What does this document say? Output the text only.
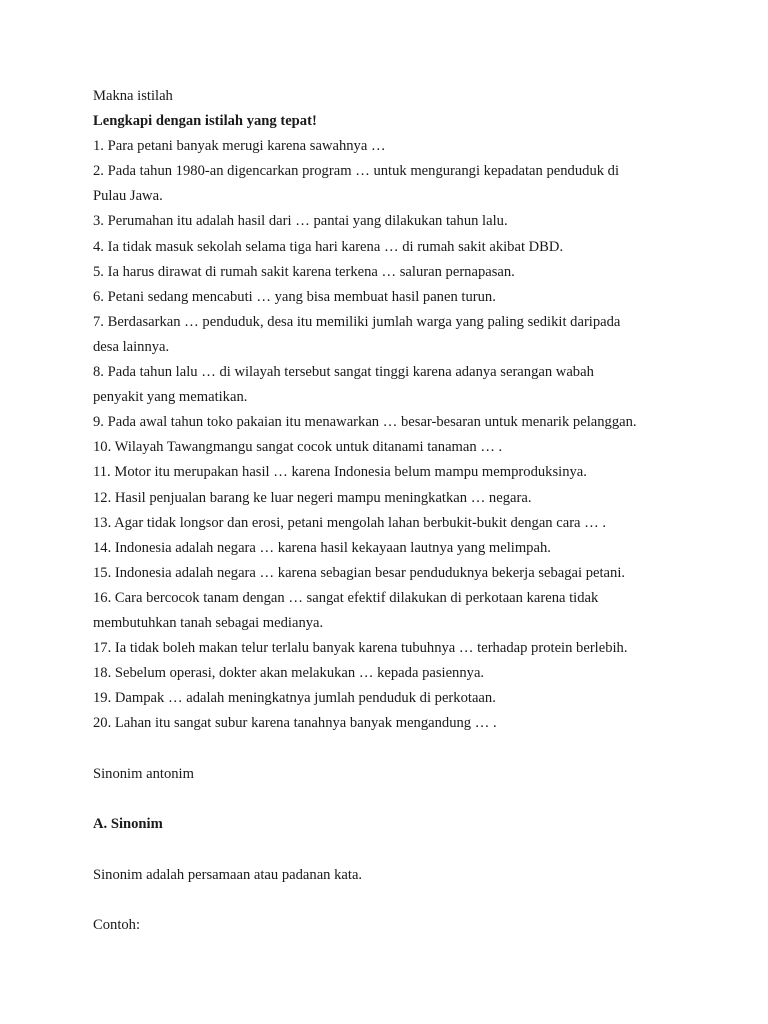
Makna istilah
Lengkapi dengan istilah yang tepat!
1. Para petani banyak merugi karena sawahnya …
2. Pada tahun 1980-an digencarkan program … untuk mengurangi kepadatan penduduk di
Pulau Jawa.
3. Perumahan itu adalah hasil dari … pantai yang dilakukan tahun lalu.
4. Ia tidak masuk sekolah selama tiga hari karena … di rumah sakit akibat DBD.
5. Ia harus dirawat di rumah sakit karena terkena … saluran pernapasan.
6. Petani sedang mencabuti … yang bisa membuat hasil panen turun.
7. Berdasarkan … penduduk, desa itu memiliki jumlah warga yang paling sedikit daripada
desa lainnya.
8. Pada tahun lalu … di wilayah tersebut sangat tinggi karena adanya serangan wabah
penyakit yang mematikan.
9. Pada awal tahun toko pakaian itu menawarkan … besar-besaran untuk menarik pelanggan.
10. Wilayah Tawangmangu sangat cocok untuk ditanami tanaman … .
11. Motor itu merupakan hasil … karena Indonesia belum mampu memproduksinya.
12. Hasil penjualan barang ke luar negeri mampu meningkatkan … negara.
13. Agar tidak longsor dan erosi, petani mengolah lahan berbukit-bukit dengan cara … .
14. Indonesia adalah negara … karena hasil kekayaan lautnya yang melimpah.
15. Indonesia adalah negara … karena sebagian besar penduduknya bekerja sebagai petani.
16. Cara bercocok tanam dengan … sangat efektif dilakukan di perkotaan karena tidak
membutuhkan tanah sebagai medianya.
17. Ia tidak boleh makan telur terlalu banyak karena tubuhnya … terhadap protein berlebih.
18. Sebelum operasi, dokter akan melakukan … kepada pasiennya.
19. Dampak … adalah meningkatnya jumlah penduduk di perkotaan.
20. Lahan itu sangat subur karena tanahnya banyak mengandung … .
Sinonim antonim
A. Sinonim
Sinonim adalah persamaan atau padanan kata.
Contoh:
